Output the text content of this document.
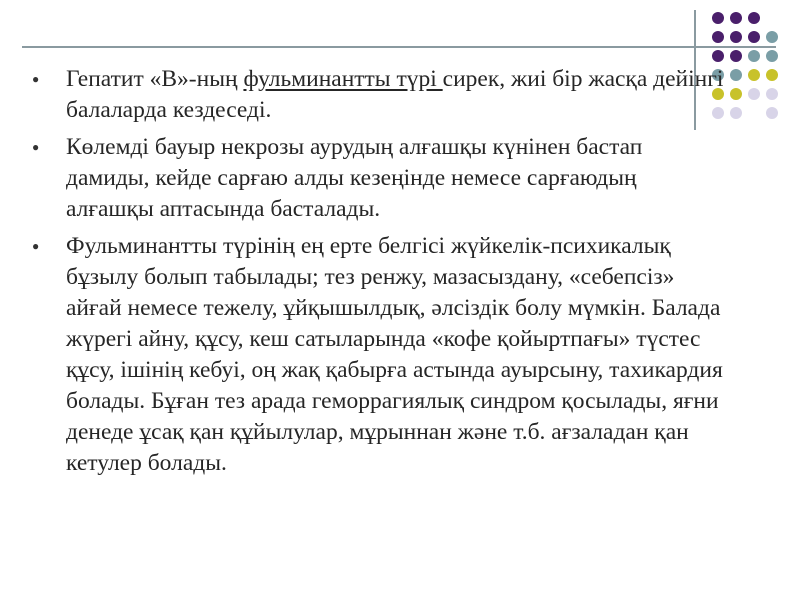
●	Гепатит «В»-ның фульминантты түрі сирек, жиі бір жасқа дейінгі балаларда кездеседі.
●	Көлемді бауыр некрозы аурудың алғашқы күнінен бастап дамиды, кейде сарғаю алды кезеңінде немесе сарғаюдың алғашқы аптасында басталады.
●	Фульминантты түрінің ең ерте белгісі жүйкелік-психикалық бұзылу болып табылады; тез ренжу, мазасыздану, «себепсіз» айғай немесе тежелу, ұйқышылдық, әлсіздік болу мүмкін. Балада жүрегі айну, құсу, кеш сатыларында «кофе қойыртпағы» түстес құсу, ішінің кебуі, оң жақ қабырға астында ауырсыну, тахикардия болады. Бұған тез арада геморрагиялық синдром қосылады, яғни денеде ұсақ қан құйылулар, мұрыннан және т.б. ағзаладан қан кетулер болады.
